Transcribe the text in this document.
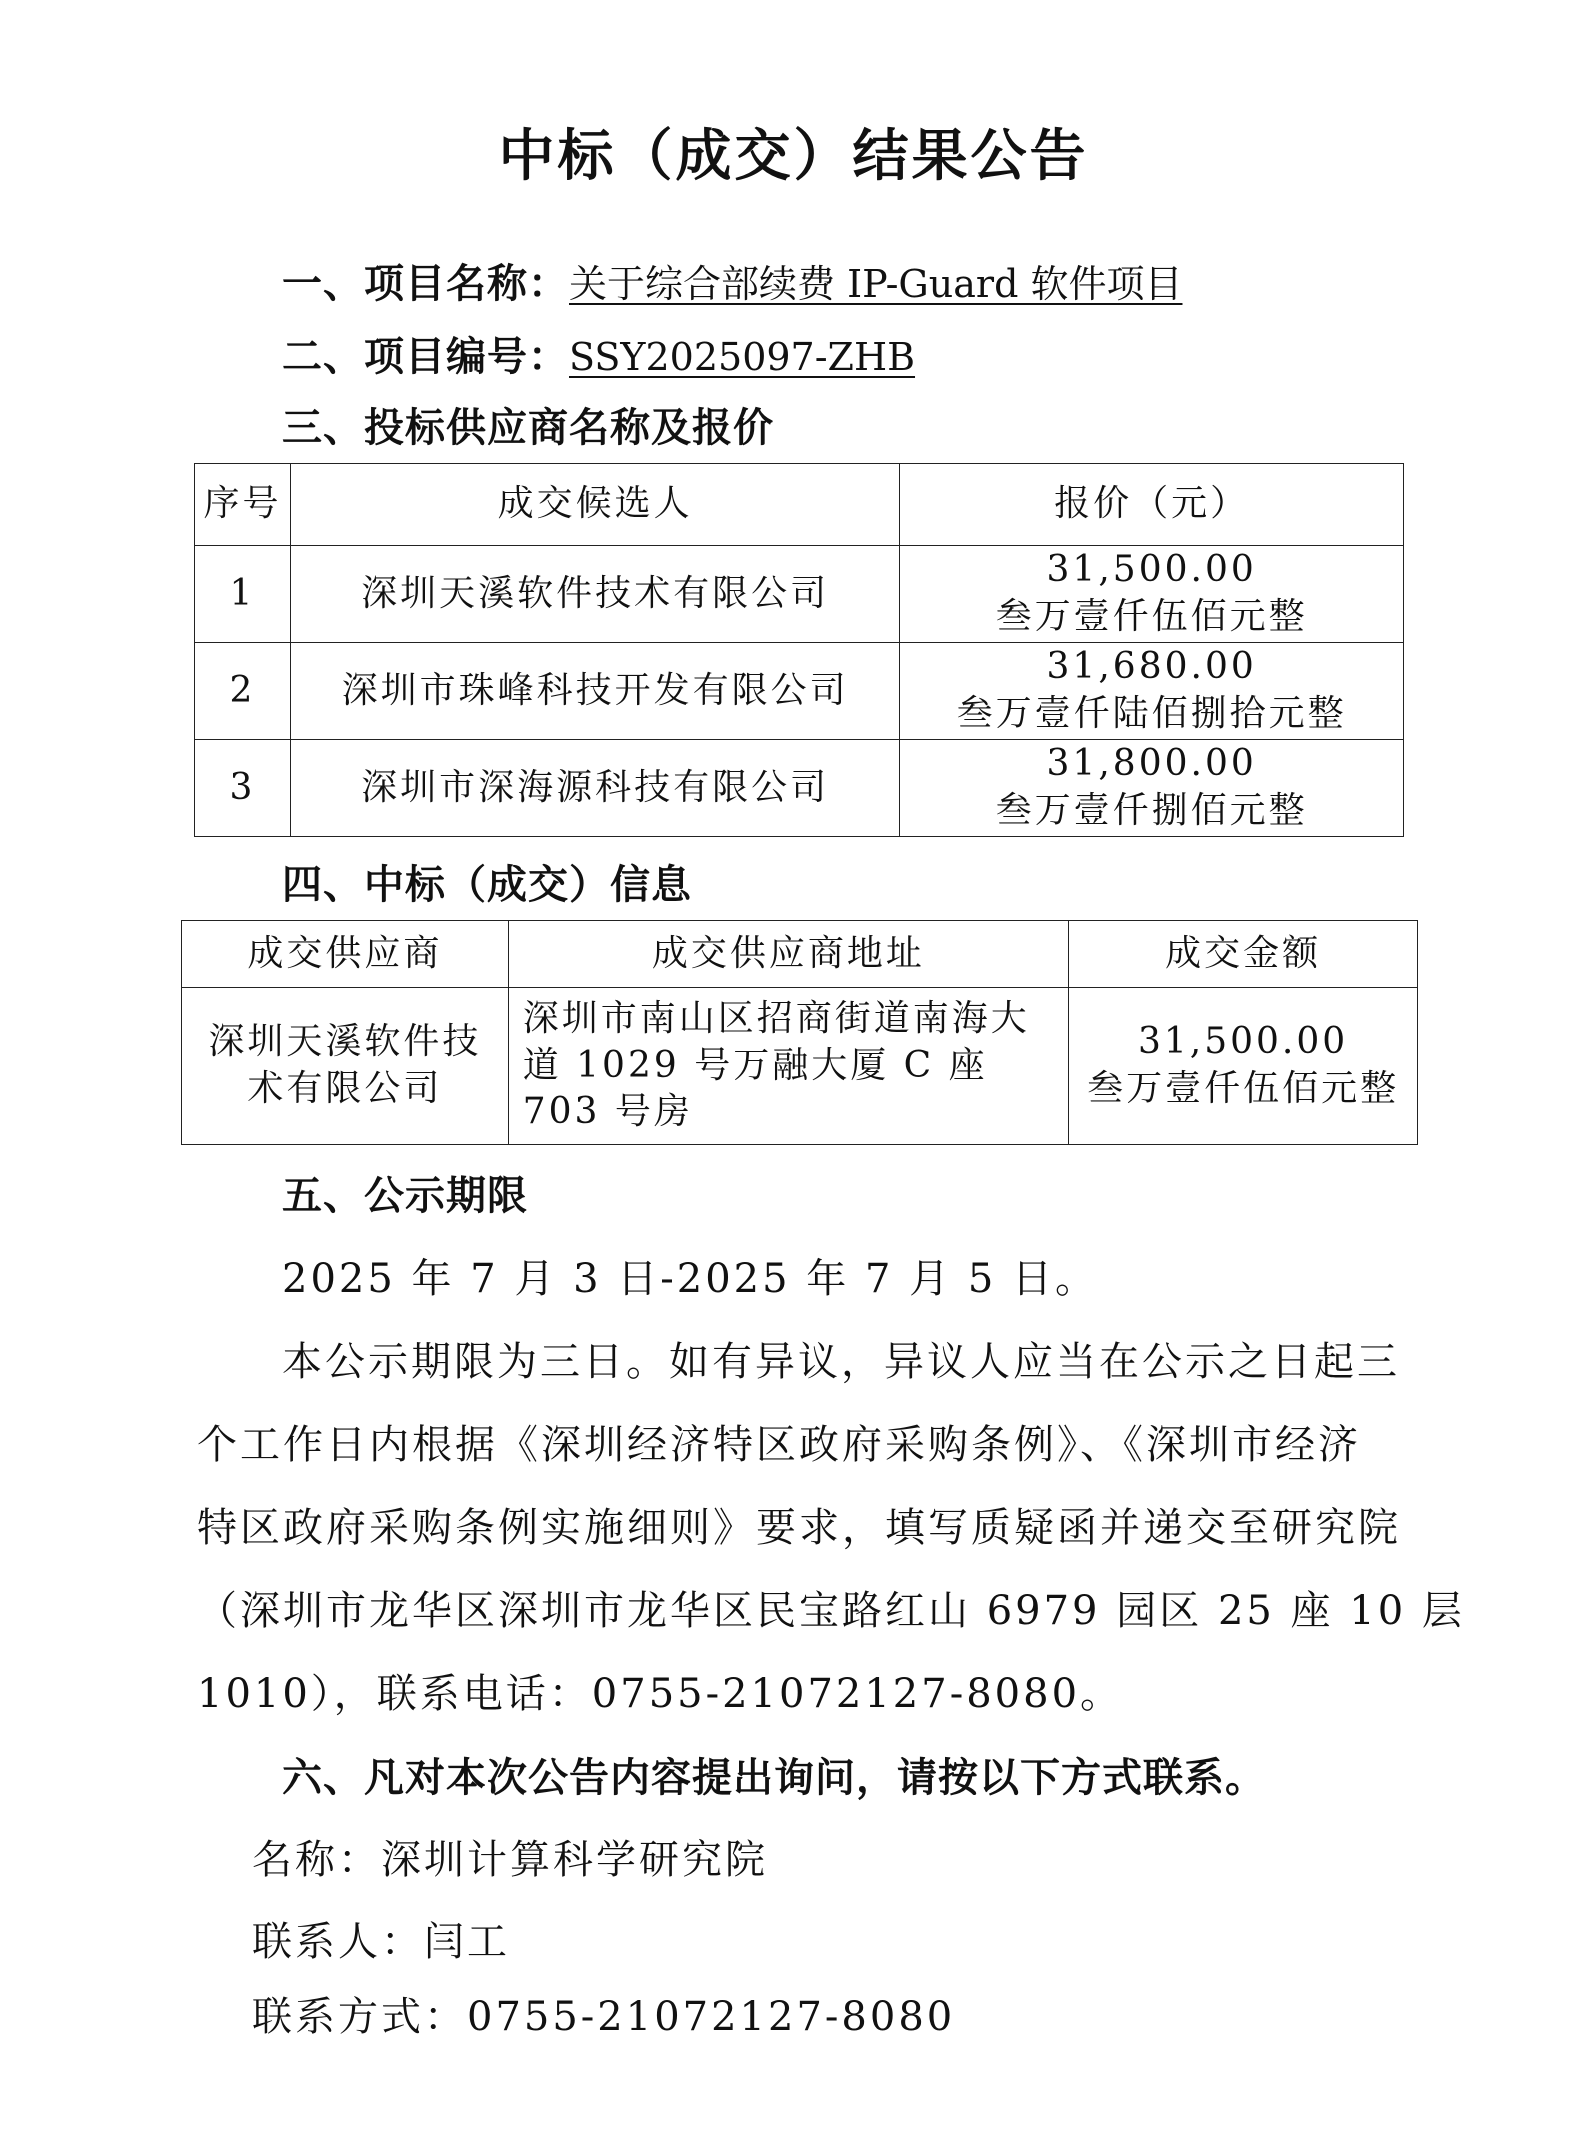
中标（成交）结果公告
一、项目名称：关于综合部续费 IP-Guard 软件项目
二、项目编号：SSY2025097-ZHB
三、投标供应商名称及报价
序号	成交候选人	报价（元）
1	深圳天溪软件技术有限公司	31,500.00
叁万壹仟伍佰元整

2	深圳市珠峰科技开发有限公司	31,680.00
叁万壹仟陆佰捌拾元整

3	深圳市深海源科技有限公司	31,800.00
叁万壹仟捌佰元整
四、中标（成交）信息
成交供应商	成交供应商地址	成交金额
深圳天溪软件技术有限公司	深圳市南山区招商街道南海大道 1029 号万融大厦 C 座 703 号房	31,500.00
叁万壹仟伍佰元整
五、公示期限
2025 年 7 月 3 日-2025 年 7 月 5 日。
本公示期限为三日。如有异议，异议人应当在公示之日起三
个工作日内根据《深圳经济特区政府采购条例》、《深圳市经济
特区政府采购条例实施细则》要求，填写质疑函并递交至研究院
（深圳市龙华区深圳市龙华区民宝路红山 6979 园区 25 座 10 层
1010），联系电话：0755-21072127-8080。
六、凡对本次公告内容提出询问，请按以下方式联系。
名称：深圳计算科学研究院
联系人：闫工
联系方式：0755-21072127-8080
